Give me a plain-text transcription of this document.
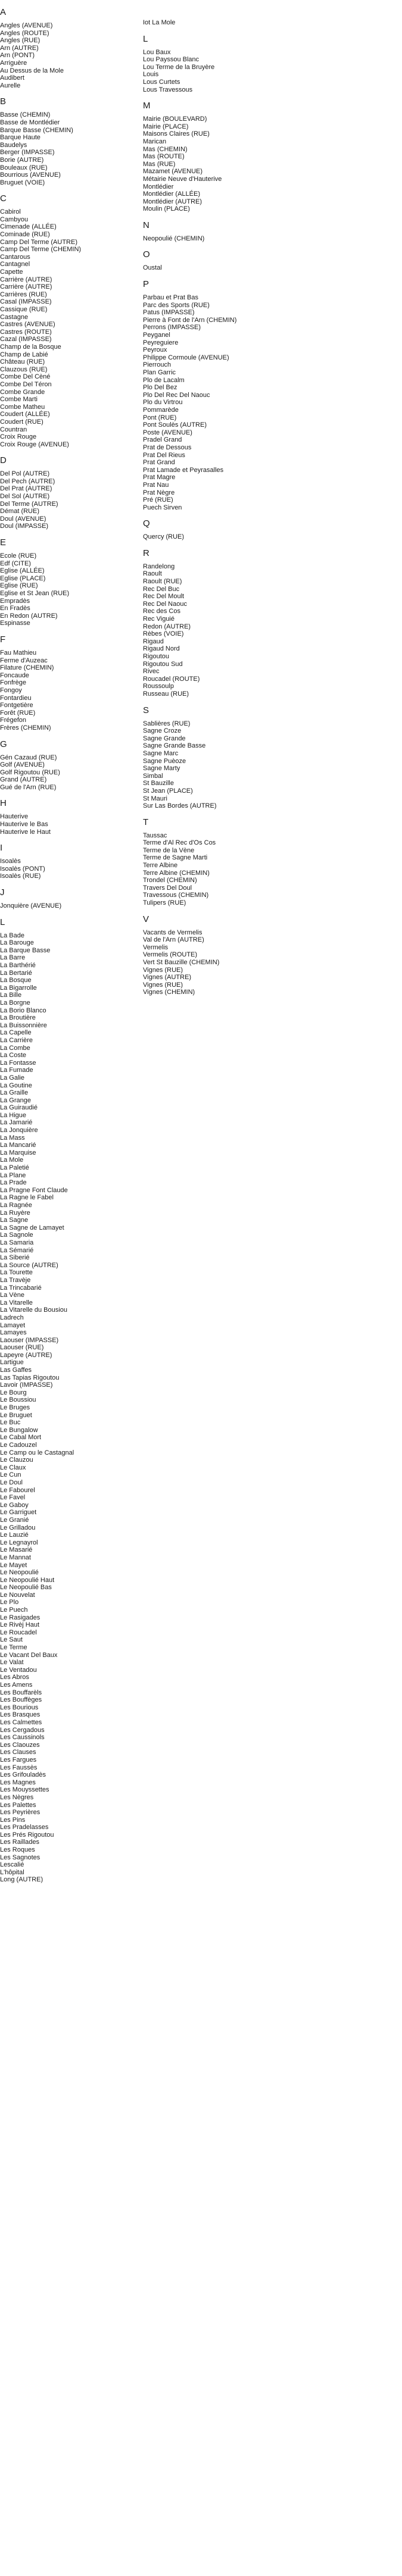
A
Angles (AVENUE)
Angles (ROUTE)
Angles (RUE)
Arn (AUTRE)
Arn (PONT)
Arriguère
Au Dessus de la Mole
Audibert
Aurelle
B
Basse (CHEMIN)
Basse de Montlédier
Barque Basse (CHEMIN)
Barque Haute
Baudelys
Berger (IMPASSE)
Borie (AUTRE)
Bouleaux (RUE)
Bourrious (AVENUE)
Bruguet (VOIE)
C
Cabirol
Cambyou
Cimenade (ALLÉE)
Cominade (RUE)
Camp Del Terme (AUTRE)
Camp Del Terme (CHEMIN)
Cantarous
Cantagnel
Capette
Carrière (AUTRE)
Carrière (AUTRE)
Carrières (RUE)
Casal (IMPASSE)
Cassique (RUE)
Castagne
Castres (AVENUE)
Castres (ROUTE)
Cazal (IMPASSE)
Champ de la Bosque
Champ de Labié
Château (RUE)
Clauzous (RUE)
Combe Del Cèné
Combe Del Téron
Combe Grande
Combe Marti
Combe Matheu
Coudert (ALLÉE)
Coudert (RUE)
Countran
Croix Rouge
Croix Rouge (AVENUE)
D
Del Pol (AUTRE)
Del Pech (AUTRE)
Del Prat (AUTRE)
Del Sol (AUTRE)
Del Terme (AUTRE)
Démat (RUE)
Doul (AVENUE)
Doul (IMPASSE)
E
Ecole (RUE)
Edf (CITE)
Eglise (ALLÉE)
Eglise (PLACE)
Eglise (RUE)
Eglise et St Jean (RUE)
Empradès
En Fradès
En Redon (AUTRE)
Espinasse
F
Fau Mathieu
Ferme d'Auzeac
Filature (CHEMIN)
Foncaude
Fonfrège
Fongoy
Fontardieu
Fontgetière
Forêt (RUE)
Frégefon
Frères (CHEMIN)
G
Gén Cazaud (RUE)
Golf (AVENUE)
Golf Rigoutou (RUE)
Grand (AUTRE)
Gué de l'Arn (RUE)
H
Hauterive
Hauterive le Bas
Hauterive le Haut
I
Isoalès
Isoalès (PONT)
Isoalès (RUE)
J
Jonquière (AVENUE)
L
La Bade
La Barouge
La Barque Basse
La Barre
La Barthérié
La Bertarié
La Bosque
La Bigarrolle
La Bille
La Borgne
La Borio Blanco
La Broutière
La Buissonnière
La Capelle
La Carrière
La Combe
La Coste
La Fontasse
La Fumade
La Galie
La Goutine
La Graille
La Grange
La Guiraudié
La Higue
La Jamarié
La Jonquière
La Mass
La Mancarié
La Marquise
La Mole
La Paletié
La Plane
La Prade
La Pragne Font Claude
La Ragne le Fabel
La Ragnée
La Ruyère
La Sagne
La Sagne de Lamayet
La Sagnole
La Samaria
La Sémarié
La Siberié
La Source (AUTRE)
La Tourette
La Travèje
La Trincabarié
La Vène
La Vitarelle
La Vitarelle du Bousiou
Ladrech
Lamayet
Lamayes
Laouser (IMPASSE)
Laouser (RUE)
Lapeyre (AUTRE)
Lartigue
Las Gaffes
Las Tapias Rigoutou
Lavoir (IMPASSE)
Le Bourg
Le Boussiou
Le Bruges
Le Bruguet
Le Buc
Le Bungalow
Le Cabal Mort
Le Cadouzel
Le Camp ou le Castagnal
Le Clauzou
Le Claux
Le Cun
Le Doul
Le Fabourel
Le Favel
Le Gaboy
Le Garriguet
Le Granié
Le Grilladou
Le Lauzié
Le Legnayrol
Le Masarié
Le Mannat
Le Mayet
Le Neopoulié
Le Neopoulié Haut
Le Neopoulié Bas
Le Nouvelat
Le Plo
Le Puech
Le Rasigades
Le Rivèj Haut
Le Roucadel
Le Saut
Le Terme
Le Vacant Del Baux
Le Valat
Le Ventadou
Les Abros
Les Amens
Les Bouffarèls
Les Bouffèges
Les Bourious
Les Brasques
Les Calmettes
Les Cergadous
Les Caussinols
Les Claouzes
Les Clauses
Les Fargues
Les Faussès
Les Grifouladès
Les Magnes
Les Mouyssettes
Les Nègres
Les Palettes
Les Peyrières
Les Pins
Les Pradelasses
Les Prés Rigoutou
Les Raillades
Les Roques
Les Sagnotes
Lescalié
L'hôpital
Long (AUTRE)
Iot La Mole
L
Lou Baux
Lou Payssou Blanc
Lou Terme de la Bruyère
Louis
Lous Curtets
Lous Travessous
M
Mairie (BOULEVARD)
Mairie (PLACE)
Maisons Claires (RUE)
Marican
Mas (CHEMIN)
Mas (ROUTE)
Mas (RUE)
Mazamet (AVENUE)
Métairie Neuve d'Hauterive
Montlédier
Montlédier (ALLÉE)
Montlédier (AUTRE)
Moulin (PLACE)
N
Neopoulié (CHEMIN)
O
Oustal
P
Parbau et Prat Bas
Parc des Sports (RUE)
Patus (IMPASSE)
Pierre à Font de l'Arn (CHEMIN)
Perrons (IMPASSE)
Peyganel
Peyreguiere
Peyroux
Philippe Cormoule (AVENUE)
Pierrouch
Plan Garric
Plo de Lacalm
Plo Del Bez
Plo Del Rec Del Naouc
Plo du Virtrou
Pommarède
Pont (RUE)
Pont Soulès (AUTRE)
Poste (AVENUE)
Pradel Grand
Prat de Dessous
Prat Del Rieus
Prat Grand
Prat Lamade et Peyrasalles
Prat Magre
Prat Nau
Prat Nègre
Pré (RUE)
Puech Sirven
Q
Quercy (RUE)
R
Randelong
Raoult
Raoult (RUE)
Rec Del Buc
Rec Del Moult
Rec Del Naouc
Rec des Cos
Rec Viguié
Redon (AUTRE)
Rèbes (VOIE)
Rigaud
Rigaud Nord
Rigoutou
Rigoutou Sud
Rivec
Roucadel (ROUTE)
Roussoulp
Russeau (RUE)
S
Sablières (RUE)
Sagne Croze
Sagne Grande
Sagne Grande Basse
Sagne Marc
Sagne Puèoze
Sagne Marty
Simbal
St Bauzille
St Jean (PLACE)
St Mauri
Sur Las Bordes (AUTRE)
T
Taussac
Terme d'Al Rec d'Os Cos
Terme de la Vène
Terme de Sagne Marti
Terre Albine
Terre Albine (CHEMIN)
Trondel (CHEMIN)
Travers Del Doul
Travessous (CHEMIN)
Tulipers (RUE)
V
Vacants de Vermelis
Val de l'Arn (AUTRE)
Vermelis
Vermelis (ROUTE)
Vert St Bauzille (CHEMIN)
Vignes (RUE)
Vignes (AUTRE)
Vignes (RUE)
Vignes (CHEMIN)
